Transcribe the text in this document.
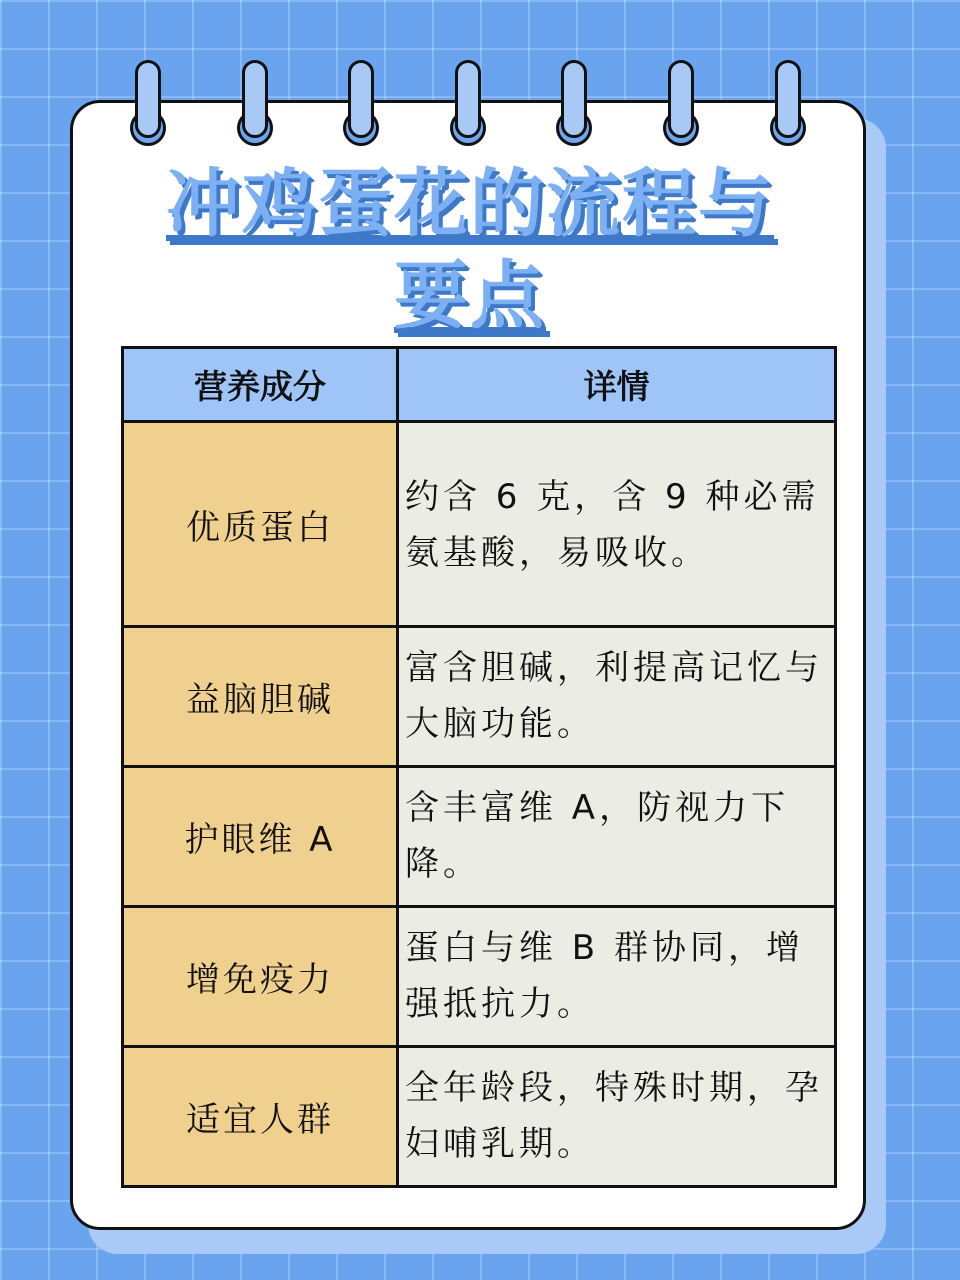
冲鸡蛋花的流程与
要点
营养成分	详情
优质蛋白	约含 6 克，含 9 种必需氨基酸，易吸收。
益脑胆碱	富含胆碱，利提高记忆与大脑功能。
护眼维 A	含丰富维 A，防视力下降。
增免疫力	蛋白与维 B 群协同，增强抵抗力。
适宜人群	全年龄段，特殊时期，孕妇哺乳期。
